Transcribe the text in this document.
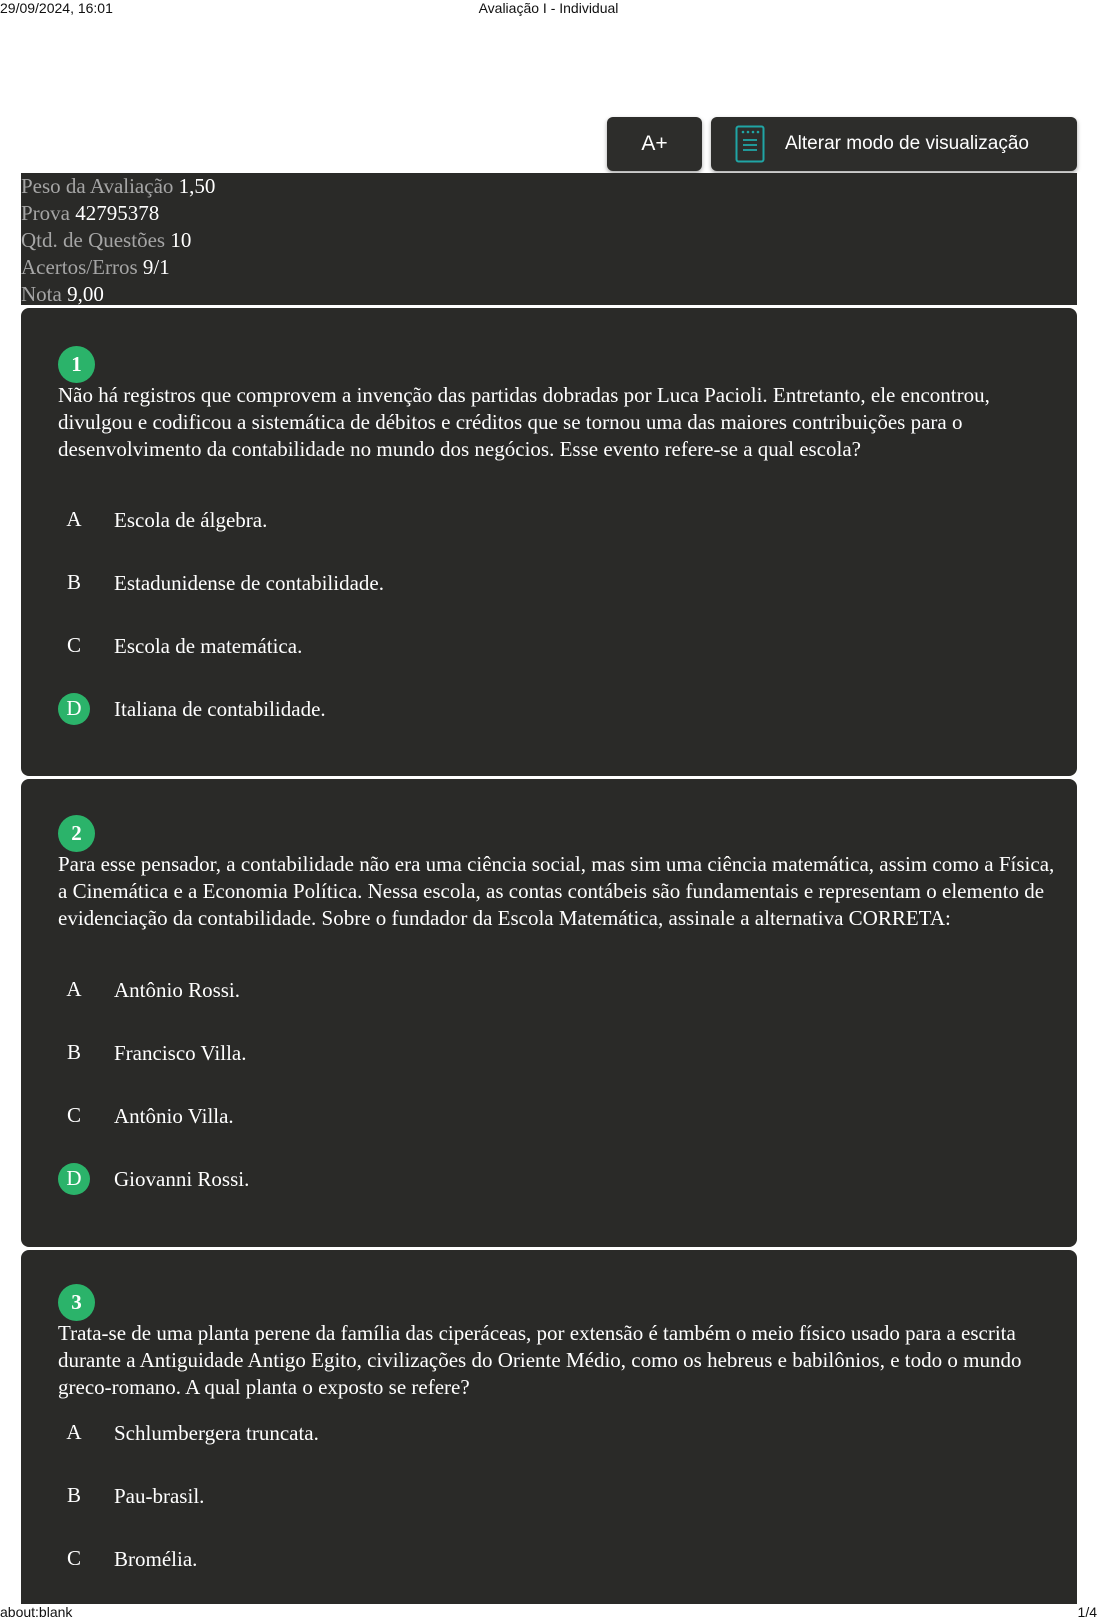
29/09/2024, 16:01	Avaliação I - Individual
A+	Alterar modo de visualização
Peso da Avaliação 1,50
Prova 42795378
Qtd. de Questões 10
Acertos/Erros 9/1
Nota 9,00
1
Não há registros que comprovem a invenção das partidas dobradas por Luca Pacioli. Entretanto, ele encontrou, divulgou e codificou a sistemática de débitos e créditos que se tornou uma das maiores contribuições para o desenvolvimento da contabilidade no mundo dos negócios. Esse evento refere-se a qual escola?
A	Escola de álgebra.
B	Estadunidense de contabilidade.
C	Escola de matemática.
D	Italiana de contabilidade.
2
Para esse pensador, a contabilidade não era uma ciência social, mas sim uma ciência matemática, assim como a Física, a Cinemática e a Economia Política. Nessa escola, as contas contábeis são fundamentais e representam o elemento de evidenciação da contabilidade. Sobre o fundador da Escola Matemática, assinale a alternativa CORRETA:
A	Antônio Rossi.
B	Francisco Villa.
C	Antônio Villa.
D	Giovanni Rossi.
3
Trata-se de uma planta perene da família das ciperáceas, por extensão é também o meio físico usado para a escrita durante a Antiguidade Antigo Egito, civilizações do Oriente Médio, como os hebreus e babilônios, e todo o mundo greco-romano. A qual planta o exposto se refere?
A	Schlumbergera truncata.
B	Pau-brasil.
C	Bromélia.
about:blank	1/4
